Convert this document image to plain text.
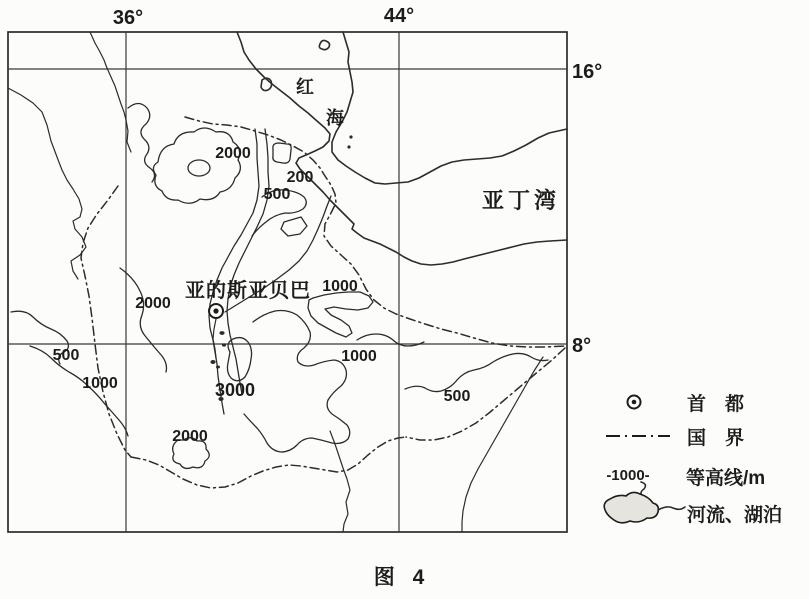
36°	44°
16°
8°
红
海
亚丁湾
亚的斯亚贝巴
2000
200
500
2000
1000
500
1000	3000
2000
1000
500	首　都
国　界
-1000- 等高线/m
河流、湖泊
图 4
